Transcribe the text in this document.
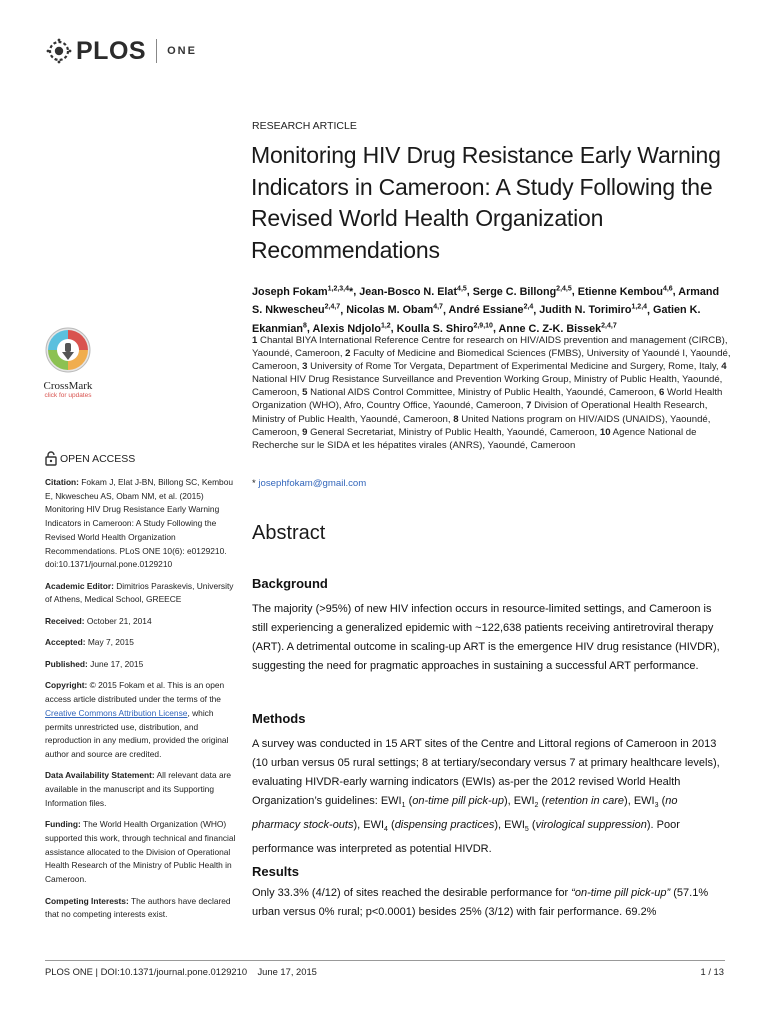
PLOS ONE
RESEARCH ARTICLE
Monitoring HIV Drug Resistance Early Warning Indicators in Cameroon: A Study Following the Revised World Health Organization Recommendations
Joseph Fokam$^{1,2,3,4}$*, Jean-Bosco N. Elat$^{4,5}$, Serge C. Billong$^{2,4,5}$, Etienne Kembou$^{4,6}$, Armand S. Nkwescheu$^{2,4,7}$, Nicolas M. Obam$^{4,7}$, André Essiane$^{2,4}$, Judith N. Torimiro$^{1,2,4}$, Gatien K. Ekanmian$^8$, Alexis Ndjolo$^{1,2}$, Koulla S. Shiro$^{2,9,10}$, Anne C. Z-K. Bissek$^{2,4,7}$
1 Chantal BIYA International Reference Centre for research on HIV/AIDS prevention and management (CIRCB), Yaoundé, Cameroon, 2 Faculty of Medicine and Biomedical Sciences (FMBS), University of Yaoundé I, Yaoundé, Cameroon, 3 University of Rome Tor Vergata, Department of Experimental Medicine and Surgery, Rome, Italy, 4 National HIV Drug Resistance Surveillance and Prevention Working Group, Ministry of Public Health, Yaoundé, Cameroon, 5 National AIDS Control Committee, Ministry of Public Health, Yaoundé, Cameroon, 6 World Health Organization (WHO), Afro, Country Office, Yaoundé, Cameroon, 7 Division of Operational Health Research, Ministry of Public Health, Yaoundé, Cameroon, 8 United Nations program on HIV/AIDS (UNAIDS), Yaoundé, Cameroon, 9 General Secretariat, Ministry of Public Health, Yaoundé, Cameroon, 10 Agence National de Recherche sur le SIDA et les hépatites virales (ANRS), Yaoundé, Cameroon
* josephfokam@gmail.com
CrossMark
click for updates
OPEN ACCESS

Citation: Fokam J, Elat J-BN, Billong SC, Kembou E, Nkwescheu AS, Obam NM, et al. (2015) Monitoring HIV Drug Resistance Early Warning Indicators in Cameroon: A Study Following the Revised World Health Organization Recommendations. PLoS ONE 10(6): e0129210. doi:10.1371/journal.pone.0129210

Academic Editor: Dimitrios Paraskevis, University of Athens, Medical School, GREECE

Received: October 21, 2014

Accepted: May 7, 2015

Published: June 17, 2015

Copyright: © 2015 Fokam et al. This is an open access article distributed under the terms of the Creative Commons Attribution License, which permits unrestricted use, distribution, and reproduction in any medium, provided the original author and source are credited.

Data Availability Statement: All relevant data are available in the manuscript and its Supporting Information files.

Funding: The World Health Organization (WHO) supported this work, through technical and financial assistance allocated to the Division of Operational Health Research of the Ministry of Public Health in Cameroon.

Competing Interests: The authors have declared that no competing interests exist.

Abstract
Background

The majority (>95%) of new HIV infection occurs in resource-limited settings, and Cameroon is still experiencing a generalized epidemic with ~122,638 patients receiving antiretroviral therapy (ART). A detrimental outcome in scaling-up ART is the emergence HIV drug resistance (HIVDR), suggesting the need for pragmatic approaches in sustaining a successful ART performance.

Methods

A survey was conducted in 15 ART sites of the Centre and Littoral regions of Cameroon in 2013 (10 urban versus 05 rural settings; 8 at tertiary/secondary versus 7 at primary healthcare levels), evaluating HIVDR-early warning indicators (EWIs) as-per the 2012 revised World Health Organization’s guidelines: $EWI_1$ (on-time pill pick-up), $EWI_2$ (retention in care), $EWI_3$ (no pharmacy stock-outs), $EWI_4$ (dispensing practices), $EWI_5$ (virological suppression). Poor performance was interpreted as potential HIVDR.

Results

Only 33.3% (4/12) of sites reached the desirable performance for “on-time pill pick-up” (57.1% urban versus 0% rural; p<0.0001) besides 25% (3/12) with fair performance. 69.2%

PLOS ONE | DOI:10.1371/journal.pone.0129210    June 17, 2015	1 / 13
